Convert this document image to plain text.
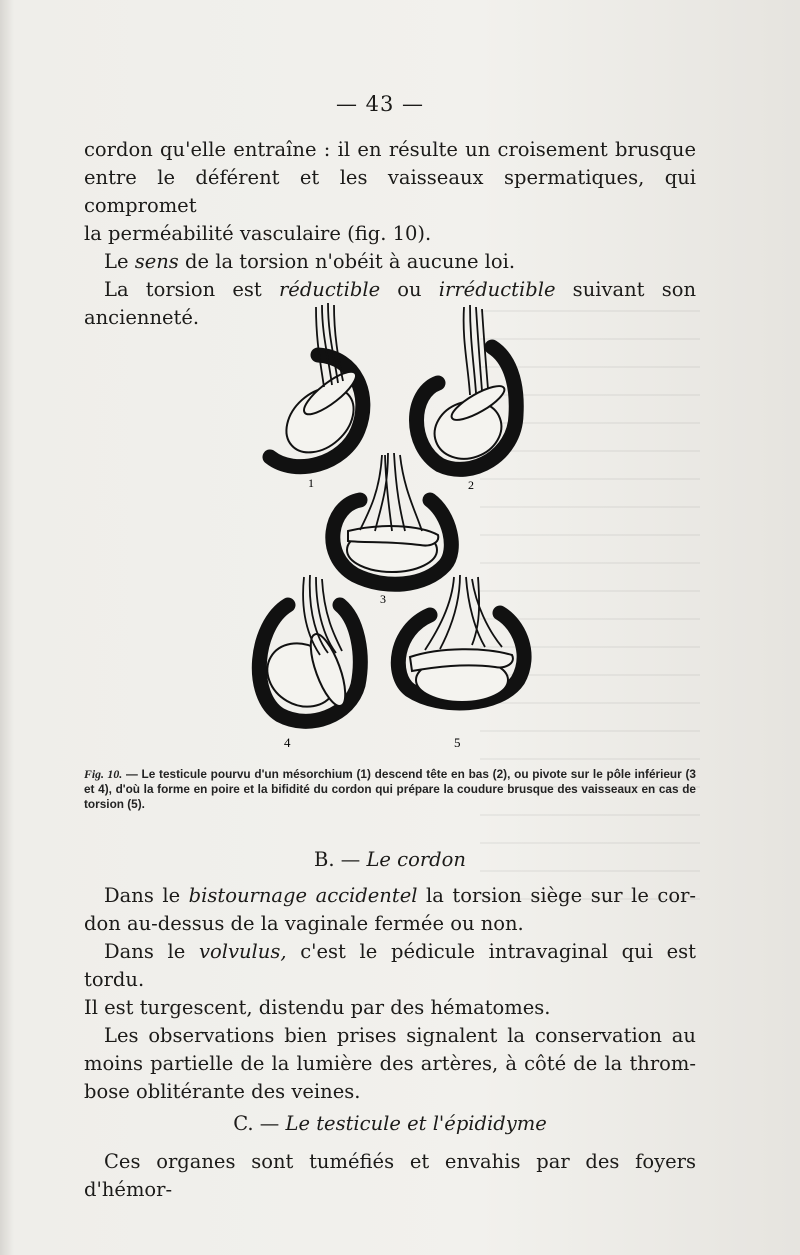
— 43 —

cordon qu'elle entraîne : il en résulte un croisement brusque

entre le déférent et les vaisseaux spermatiques, qui compromet

la perméabilité vasculaire (fig. 10).

Le sens de la torsion n'obéit à aucune loi.

La torsion est réductible ou irréductible suivant son ancienneté.

1	2
3
4	5
Fig. 10. — Le testicule pourvu d'un mésorchium (1) descend tête en bas (2), ou pivote sur le pôle inférieur (3 et 4), d'où la forme en poire et la bifidité du cordon qui prépare la coudure brusque des vaisseaux en cas de torsion (5).
B. — Le cordon

Dans le bistournage accidentel la torsion siège sur le cor-

don au-dessus de la vaginale fermée ou non.

Dans le volvulus, c'est le pédicule intravaginal qui est tordu.

Il est turgescent, distendu par des hématomes.

Les observations bien prises signalent la conservation au

moins partielle de la lumière des artères, à côté de la throm-

bose oblitérante des veines.

C. — Le testicule et l'épididyme

Ces organes sont tuméfiés et envahis par des foyers d'hémor-
